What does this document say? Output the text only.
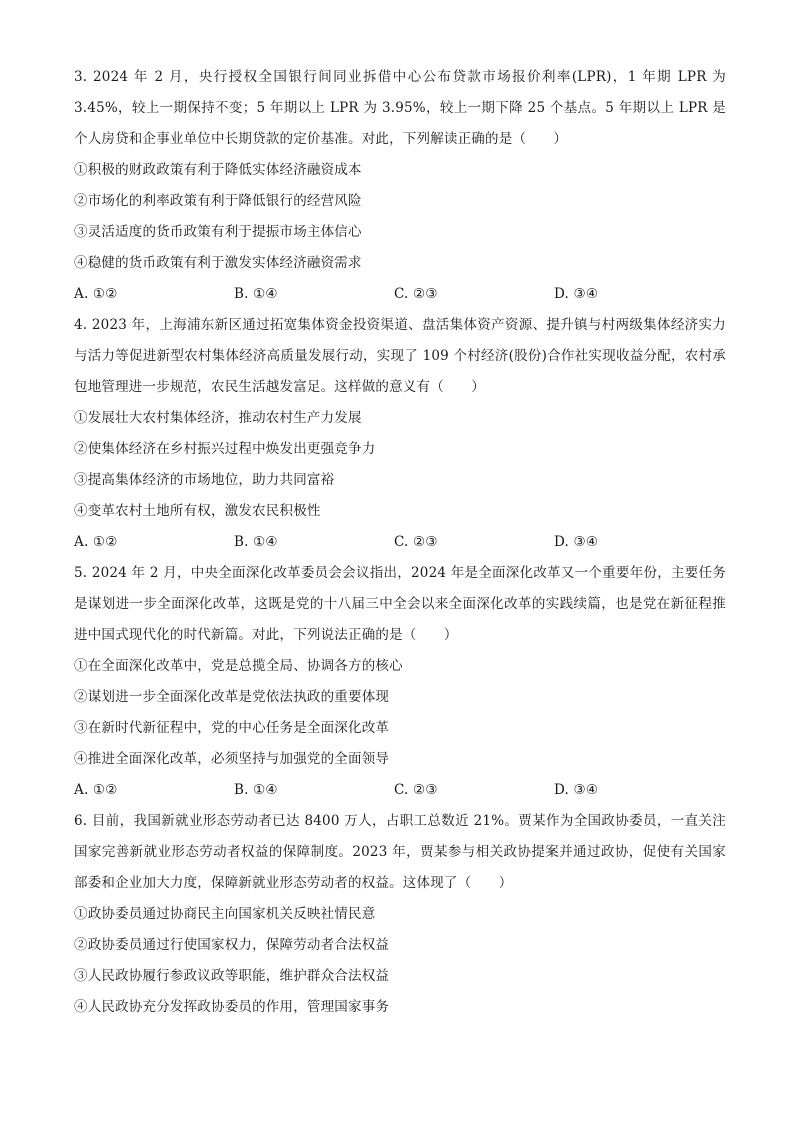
3. 2024 年 2 月，央行授权全国银行间同业拆借中心公布贷款市场报价利率(LPR)，1 年期 LPR 为 3.45%，较上一期保持不变；5 年期以上 LPR 为 3.95%，较上一期下降 25 个基点。5 年期以上 LPR 是个人房贷和企事业单位中长期贷款的定价基准。对此，下列解读正确的是（　　）
①积极的财政政策有利于降低实体经济融资成本
②市场化的利率政策有利于降低银行的经营风险
③灵活适度的货币政策有利于提振市场主体信心
④稳健的货币政策有利于激发实体经济融资需求
A. ①②	B. ①④	C. ②③	D. ③④
4. 2023 年，上海浦东新区通过拓宽集体资金投资渠道、盘活集体资产资源、提升镇与村两级集体经济实力与活力等促进新型农村集体经济高质量发展行动，实现了 109 个村经济(股份)合作社实现收益分配，农村承包地管理进一步规范，农民生活越发富足。这样做的意义有（　　）
①发展壮大农村集体经济，推动农村生产力发展
②使集体经济在乡村振兴过程中焕发出更强竞争力
③提高集体经济的市场地位，助力共同富裕
④变革农村土地所有权，激发农民积极性
A. ①②	B. ①④	C. ②③	D. ③④
5. 2024 年 2 月，中央全面深化改革委员会会议指出，2024 年是全面深化改革又一个重要年份，主要任务是谋划进一步全面深化改革，这既是党的十八届三中全会以来全面深化改革的实践续篇，也是党在新征程推进中国式现代化的时代新篇。对此，下列说法正确的是（　　）
①在全面深化改革中，党是总揽全局、协调各方的核心
②谋划进一步全面深化改革是党依法执政的重要体现
③在新时代新征程中，党的中心任务是全面深化改革
④推进全面深化改革，必须坚持与加强党的全面领导
A. ①②	B. ①④	C. ②③	D. ③④
6. 目前，我国新就业形态劳动者已达 8400 万人，占职工总数近 21%。贾某作为全国政协委员，一直关注国家完善新就业形态劳动者权益的保障制度。2023 年，贾某参与相关政协提案并通过政协，促使有关国家部委和企业加大力度，保障新就业形态劳动者的权益。这体现了（　　）
①政协委员通过协商民主向国家机关反映社情民意
②政协委员通过行使国家权力，保障劳动者合法权益
③人民政协履行参政议政等职能，维护群众合法权益
④人民政协充分发挥政协委员的作用，管理国家事务
